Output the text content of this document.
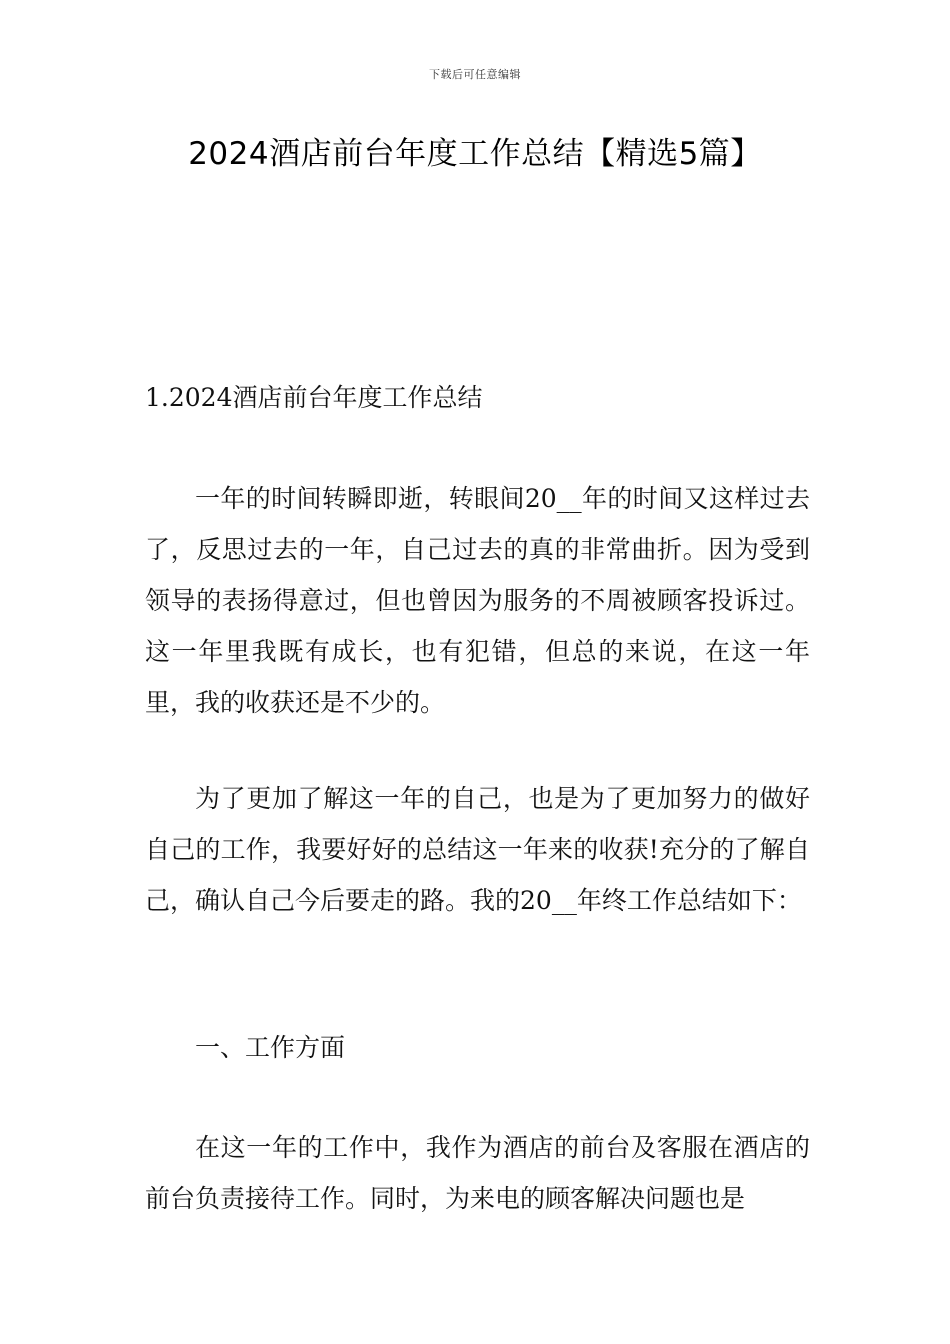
下载后可任意编辑
2024酒店前台年度工作总结【精选5篇】

1.2024酒店前台年度工作总结

一年的时间转瞬即逝，转眼间20__年的时间又这样过去了，反思过去的一年，自己过去的真的非常曲折。因为受到领导的表扬得意过，但也曾因为服务的不周被顾客投诉过。这一年里我既有成长，也有犯错，但总的来说，在这一年里，我的收获还是不少的。

为了更加了解这一年的自己，也是为了更加努力的做好自己的工作，我要好好的总结这一年来的收获!充分的了解自己，确认自己今后要走的路。我的20__年终工作总结如下：

一、工作方面

在这一年的工作中，我作为酒店的前台及客服在酒店的前台负责接待工作。同时，为来电的顾客解决问题也是
